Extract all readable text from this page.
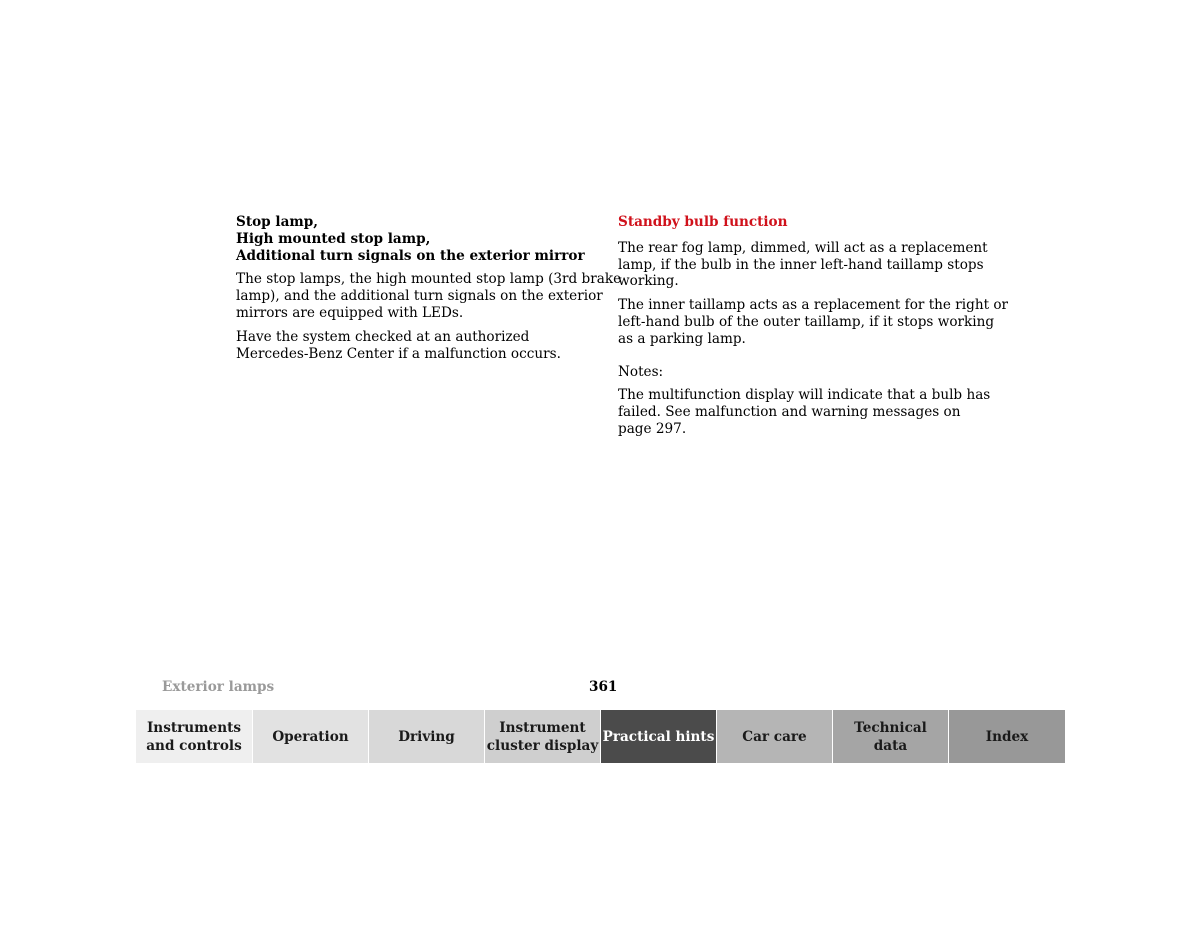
Stop lamp,
High mounted stop lamp,
Additional turn signals on the exterior mirror
The stop lamps, the high mounted stop lamp (3rd brake
lamp), and the additional turn signals on the exterior
mirrors are equipped with LEDs.
Have the system checked at an authorized
Mercedes-Benz Center if a malfunction occurs.
Standby bulb function
The rear fog lamp, dimmed, will act as a replacement
lamp, if the bulb in the inner left-hand taillamp stops
working.
The inner taillamp acts as a replacement for the right or
left-hand bulb of the outer taillamp, if it stops working
as a parking lamp.
Notes:
The multifunction display will indicate that a bulb has
failed. See malfunction and warning messages on
page 297.
Exterior lamps	361
Instruments
and controls
Operation	Driving
Instrument
cluster display
Practical hints Car care
Technical
data
Index
